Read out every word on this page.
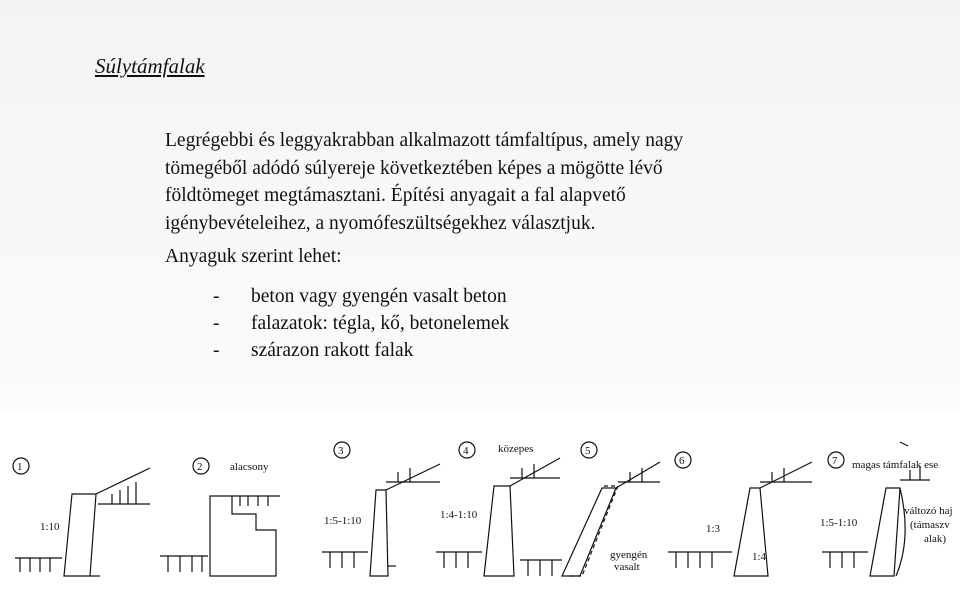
Súlytámfalak

Legrégebbi és leggyakrabban alkalmazott támfaltípus, amely nagy

tömegéből adódó súlyereje következtében képes a mögötte lévő

földtömeget megtámasztani. Építési anyagait a fal alapvető

igénybevételeihez, a nyomófeszültségekhez választjuk.

Anyaguk szerint lehet:
-	beton vagy gyengén vasalt beton
-	falazatok: tégla, kő, betonelemek
-	szárazon rakott falak
1
1:10
2	alacsony
3
1:5-1:10
4	közepes
1:4-1:10
5
gyengén
vasalt
6
1:3
1:4
7 magas támfalak ese
1:5-1:10
változó haj
(támaszv
alak)
